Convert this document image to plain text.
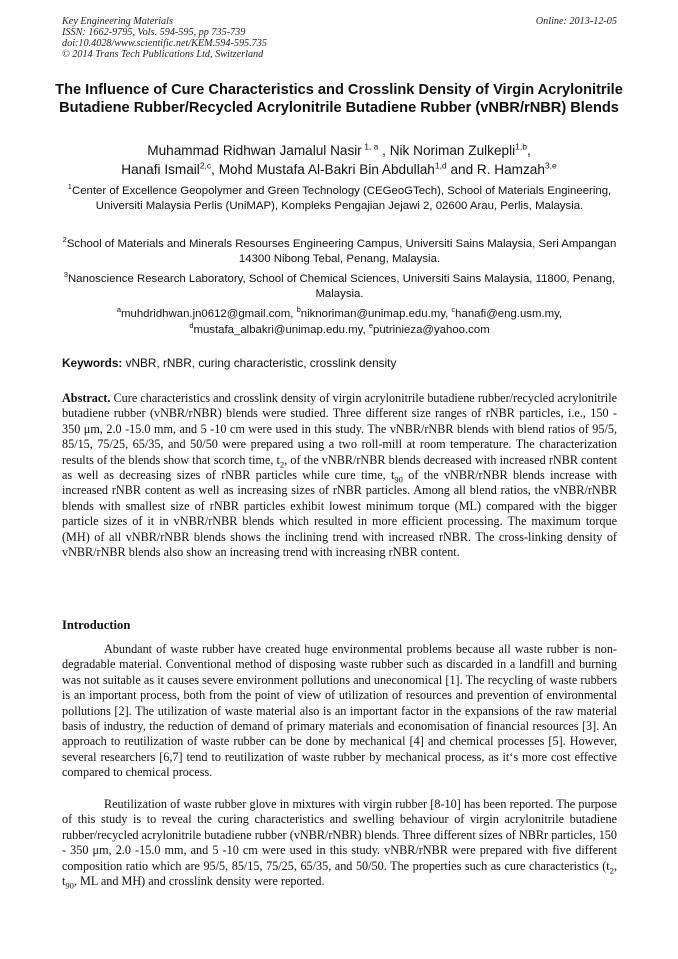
Key Engineering Materials
ISSN: 1662-9795, Vols. 594-595, pp 735-739
doi:10.4028/www.scientific.net/KEM.594-595.735
© 2014 Trans Tech Publications Ltd, Switzerland
Online: 2013-12-05
The Influence of Cure Characteristics and Crosslink Density of Virgin Acrylonitrile Butadiene Rubber/Recycled Acrylonitrile Butadiene Rubber (vNBR/rNBR) Blends
Muhammad Ridhwan Jamalul Nasir $^{1, a}$ , Nik Noriman Zulkepli$^{1,b}$,
Hanafi Ismail$^{2,c}$, Mohd Mustafa Al-Bakri Bin Abdullah$^{1,d}$ and R. Hamzah$^{3,e}$
$^1$Center of Excellence Geopolymer and Green Technology (CEGeoGTech), School of Materials Engineering, Universiti Malaysia Perlis (UniMAP), Kompleks Pengajian Jejawi 2, 02600 Arau, Perlis, Malaysia.
$^2$School of Materials and Minerals Resourses Engineering Campus, Universiti Sains Malaysia, Seri Ampangan 14300 Nibong Tebal, Penang, Malaysia.
$^3$Nanoscience Research Laboratory, School of Chemical Sciences, Universiti Sains Malaysia, 11800, Penang, Malaysia.
$^a$muhdridhwan.jn0612@gmail.com, $^b$niknoriman@unimap.edu.my, $^c$hanafi@eng.usm.my,
$^d$mustafa_albakri@unimap.edu.my, $^e$putrinieza@yahoo.com
Keywords: vNBR, rNBR, curing characteristic, crosslink density
Abstract. Cure characteristics and crosslink density of virgin acrylonitrile butadiene rubber/recycled acrylonitrile butadiene rubber (vNBR/rNBR) blends were studied. Three different size ranges of rNBR particles, i.e., 150 - 350 μm, 2.0 -15.0 mm, and 5 -10 cm were used in this study. The vNBR/rNBR blends with blend ratios of 95/5, 85/15, 75/25, 65/35, and 50/50 were prepared using a two roll-mill at room temperature. The characterization results of the blends show that scorch time, $t_2$, of the vNBR/rNBR blends decreased with increased rNBR content as well as decreasing sizes of rNBR particles while cure time, $t_{90}$ of the vNBR/rNBR blends increase with increased rNBR content as well as increasing sizes of rNBR particles. Among all blend ratios, the vNBR/rNBR blends with smallest size of rNBR particles exhibit lowest minimum torque (ML) compared with the bigger particle sizes of it in vNBR/rNBR blends which resulted in more efficient processing. The maximum torque (MH) of all vNBR/rNBR blends shows the inclining trend with increased rNBR. The cross-linking density of vNBR/rNBR blends also show an increasing trend with increasing rNBR content.
Introduction
Abundant of waste rubber have created huge environmental problems because all waste rubber is non-degradable material. Conventional method of disposing waste rubber such as discarded in a landfill and burning was not suitable as it causes severe environment pollutions and uneconomical [1]. The recycling of waste rubbers is an important process, both from the point of view of utilization of resources and prevention of environmental pollutions [2]. The utilization of waste material also is an important factor in the expansions of the raw material basis of industry, the reduction of demand of primary materials and economisation of financial resources [3]. An approach to reutilization of waste rubber can be done by mechanical [4] and chemical processes [5]. However, several researchers [6,7] tend to reutilization of waste rubber by mechanical process, as it‘s more cost effective compared to chemical process.
Reutilization of waste rubber glove in mixtures with virgin rubber [8-10] has been reported. The purpose of this study is to reveal the curing characteristics and swelling behaviour of virgin acrylonitrile butadiene rubber/recycled acrylonitrile butadiene rubber (vNBR/rNBR) blends. Three different sizes of NBRr particles, 150 - 350 μm, 2.0 -15.0 mm, and 5 -10 cm were used in this study. vNBR/rNBR were prepared with five different composition ratio which are 95/5, 85/15, 75/25, 65/35, and 50/50. The properties such as cure characteristics ($t_2$, $t_{90}$, ML and MH) and crosslink density were reported.
